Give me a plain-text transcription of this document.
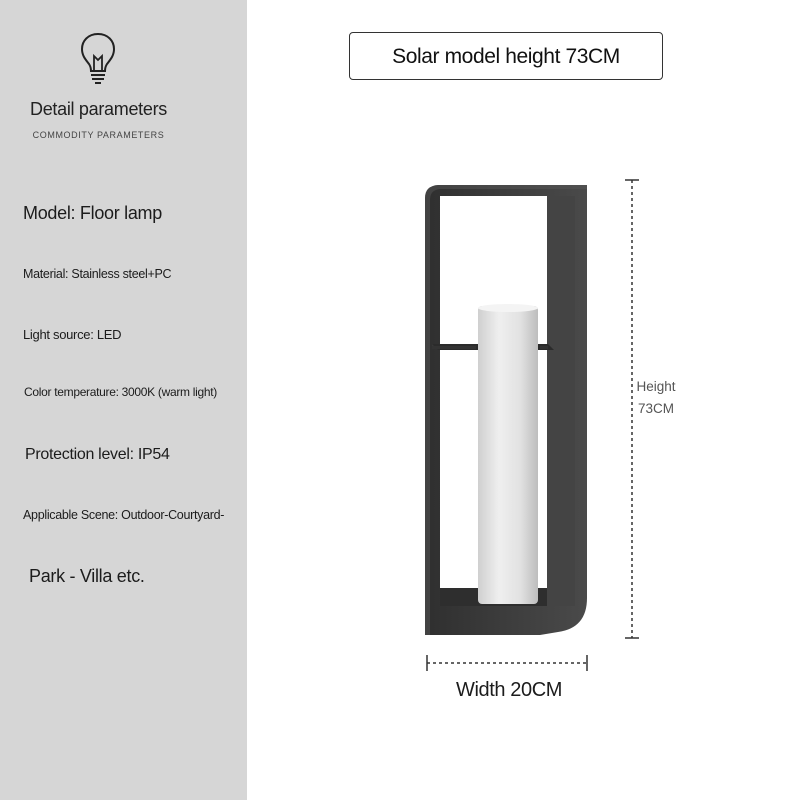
Detail parameters
COMMODITY PARAMETERS
Model: Floor lamp
Material: Stainless steel+PC
Light source: LED
Color temperature: 3000K (warm light)
Protection level: IP54
Applicable Scene: Outdoor-Courtyard-
Park - Villa etc.
Solar model height 73CM
Height
73CM
Width 20CM
